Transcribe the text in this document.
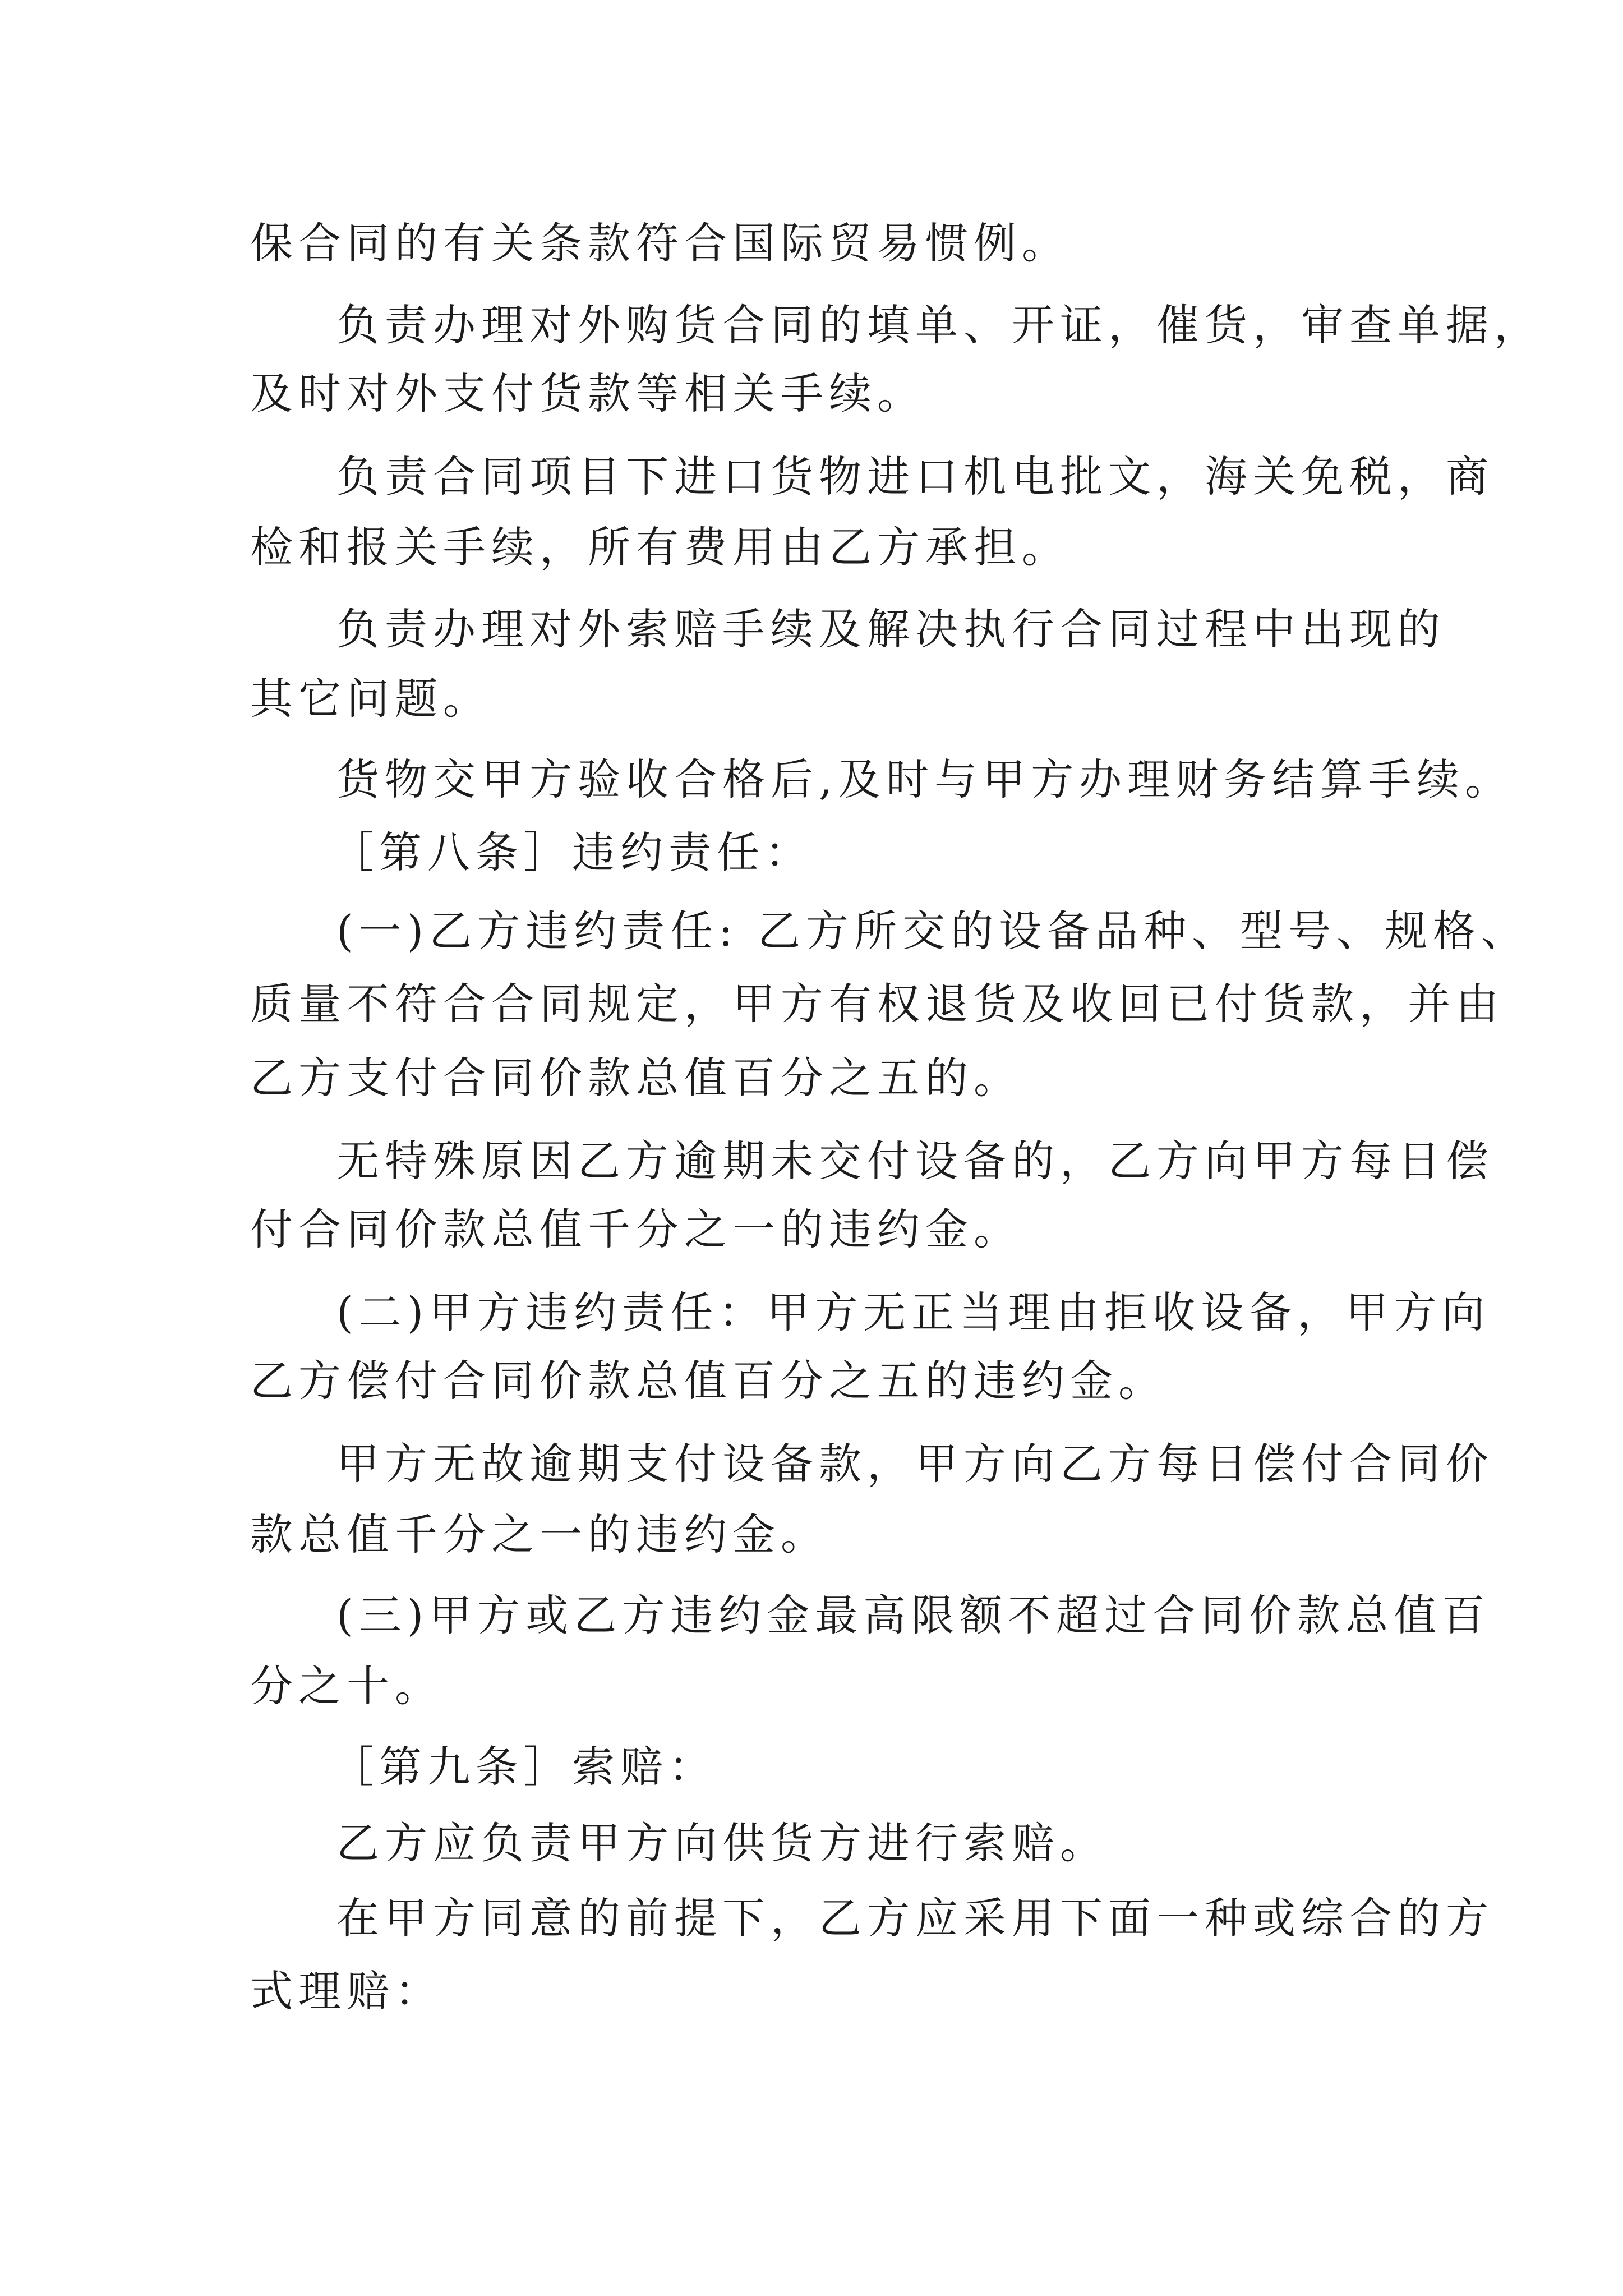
保合同的有关条款符合国际贸易惯例。

负责办理对外购货合同的填单、开证，催货，审查单据，

及时对外支付货款等相关手续。

负责合同项目下进口货物进口机电批文，海关免税，商

检和报关手续，所有费用由乙方承担。

负责办理对外索赔手续及解决执行合同过程中出现的

其它问题。

货物交甲方验收合格后,及时与甲方办理财务结算手续。

［第八条］违约责任：

(一)乙方违约责任: 乙方所交的设备品种、型号、规格、

质量不符合合同规定，甲方有权退货及收回已付货款，并由

乙方支付合同价款总值百分之五的。

无特殊原因乙方逾期未交付设备的，乙方向甲方每日偿

付合同价款总值千分之一的违约金。

(二)甲方违约责任：甲方无正当理由拒收设备，甲方向

乙方偿付合同价款总值百分之五的违约金。

甲方无故逾期支付设备款，甲方向乙方每日偿付合同价

款总值千分之一的违约金。

(三)甲方或乙方违约金最高限额不超过合同价款总值百

分之十。

［第九条］索赔：

乙方应负责甲方向供货方进行索赔。

在甲方同意的前提下，乙方应采用下面一种或综合的方

式理赔：
